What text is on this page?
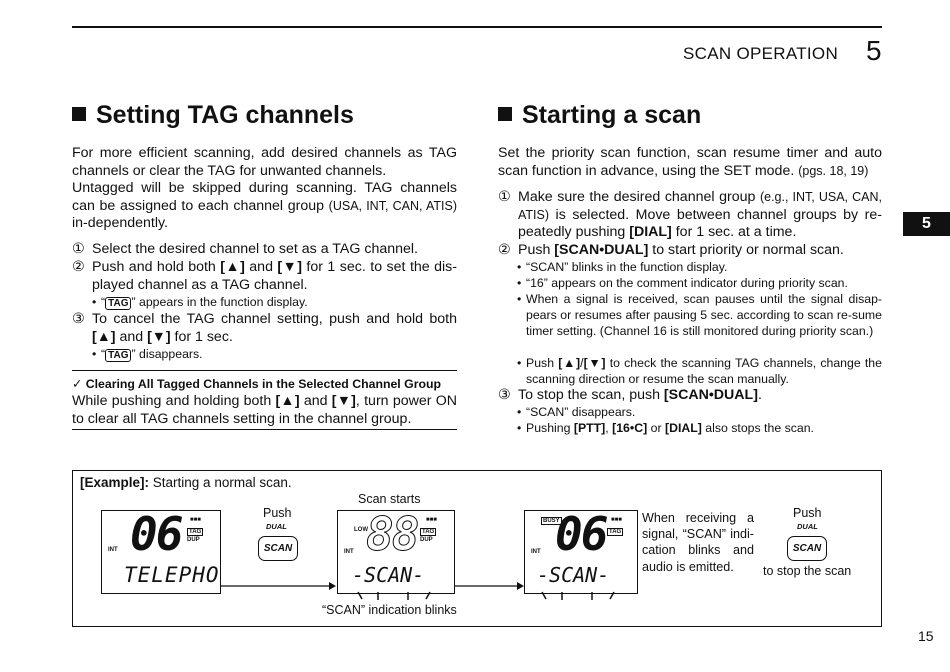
SCAN OPERATION 5
5
Setting TAG channels
For more efficient scanning, add desired channels as TAG channels or clear the TAG for unwanted channels.
Untagged will be skipped during scanning. TAG channels can be assigned to each channel group (USA, INT, CAN, ATIS) in-dependently.
① Select the desired channel to set as a TAG channel.
② Push and hold both [▲] and [▼] for 1 sec. to set the dis-played channel as a TAG channel.
• “ TAG ” appears in the function display.
③ To cancel the TAG channel setting, push and hold both [▲] and [▼] for 1 sec.
• “ TAG ” disappears.
✓ Clearing All Tagged Channels in the Selected Channel Group
While pushing and holding both [▲] and [▼], turn power ON to clear all TAG channels setting in the channel group.
Starting a scan
Set the priority scan function, scan resume timer and auto scan function in advance, using the SET mode. (pgs. 18, 19)
① Make sure the desired channel group (e.g., INT, USA, CAN, ATIS) is selected. Move between channel groups by re-peatedly pushing [DIAL] for 1 sec. at a time.
② Push [SCAN•DUAL] to start priority or normal scan.
• “SCAN” blinks in the function display.
• “16” appears on the comment indicator during priority scan.
• When a signal is received, scan pauses until the signal disap-pears or resumes after pausing 5 sec. according to scan re-sume timer setting. (Channel 16 is still monitored during priority scan.)
• Push [▲]/[▼] to check the scanning TAG channels, change the scanning direction or resume the scan manually.
③ To stop the scan, push [SCAN•DUAL].
• “SCAN” disappears.
• Pushing [PTT], [16•C] or [DIAL] also stops the scan.
[Example]: Starting a normal scan.
06 ■■■
TAG
DUP
INT
TELEPHO
Push
DUAL
SCAN
Scan starts
LOW
88 ■■■
TAG
DUP
INT
-SCAN-
“SCAN” indication blinks
BUSY
06 ■■■
TAG
INT
-SCAN-
When receiving a signal, “SCAN” indi-cation blinks and audio is emitted.
Push
DUAL
SCAN
to stop the scan
15
